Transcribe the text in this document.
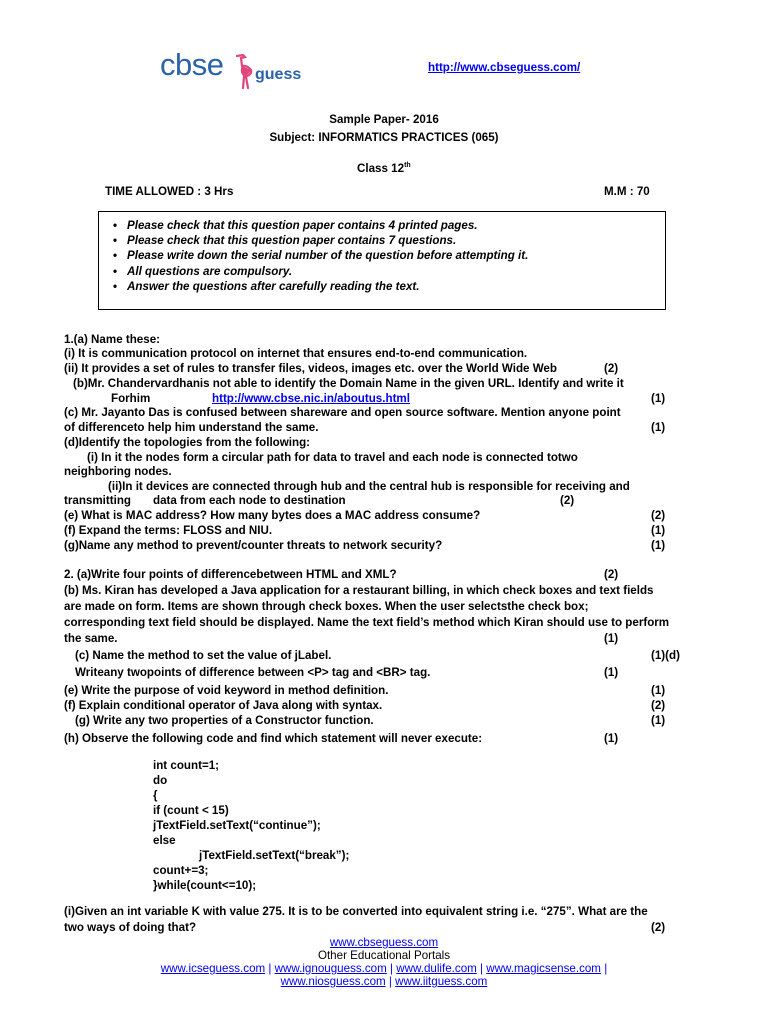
cbse guess	http://www.cbseguess.com/
Sample Paper- 2016
Subject: INFORMATICS PRACTICES (065)
Class 12th
TIME ALLOWED : 3 Hrs	M.M : 70
• Please check that this question paper contains 4 printed pages.
• Please check that this question paper contains 7 questions.
• Please write down the serial number of the question before attempting it.
• All questions are compulsory.
• Answer the questions after carefully reading the text.
1.(a) Name these:
(i) It is communication protocol on internet that ensures end-to-end communication.
(ii) It provides a set of rules to transfer files, videos, images etc. over the World Wide Web	(2)
(b)Mr. Chandervardhanis not able to identify the Domain Name in the given URL. Identify and write it
Forhim	http://www.cbse.nic.in/aboutus.html	(1)
(c) Mr. Jayanto Das is confused between shareware and open source software. Mention anyone point
of differenceto help him understand the same.	(1)
(d)Identify the topologies from the following:
(i) In it the nodes form a circular path for data to travel and each node is connected totwo
neighboring nodes.
(ii)In it devices are connected through hub and the central hub is responsible for receiving and
transmitting data from each node to destination	(2)
(e) What is MAC address? How many bytes does a MAC address consume?	(2)
(f) Expand the terms: FLOSS and NIU.	(1)
(g)Name any method to prevent/counter threats to network security?	(1)
2. (a)Write four points of differencebetween HTML and XML?	(2)
(b) Ms. Kiran has developed a Java application for a restaurant billing, in which check boxes and text fields
are made on form. Items are shown through check boxes. When the user selectsthe check box;
corresponding text field should be displayed. Name the text field’s method which Kiran should use to perform
the same.	(1)
(c) Name the method to set the value of jLabel.	(1)(d)
Writeany twopoints of difference between <P> tag and <BR> tag.	(1)
(e) Write the purpose of void keyword in method definition.	(1)
(f) Explain conditional operator of Java along with syntax.	(2)
(g) Write any two properties of a Constructor function.	(1)
(h) Observe the following code and find which statement will never execute:	(1)
int count=1;
do
{
if (count < 15)
jTextField.setText(“continue”);
else
jTextField.setText(“break”);
count+=3;
}while(count<=10);
(i)Given an int variable K with value 275. It is to be converted into equivalent string i.e. “275”. What are the
two ways of doing that?	(2)
www.cbseguess.com
Other Educational Portals
www.icseguess.com | www.ignouguess.com | www.dulife.com | www.magicsense.com |
www.niosguess.com | www.iitguess.com
